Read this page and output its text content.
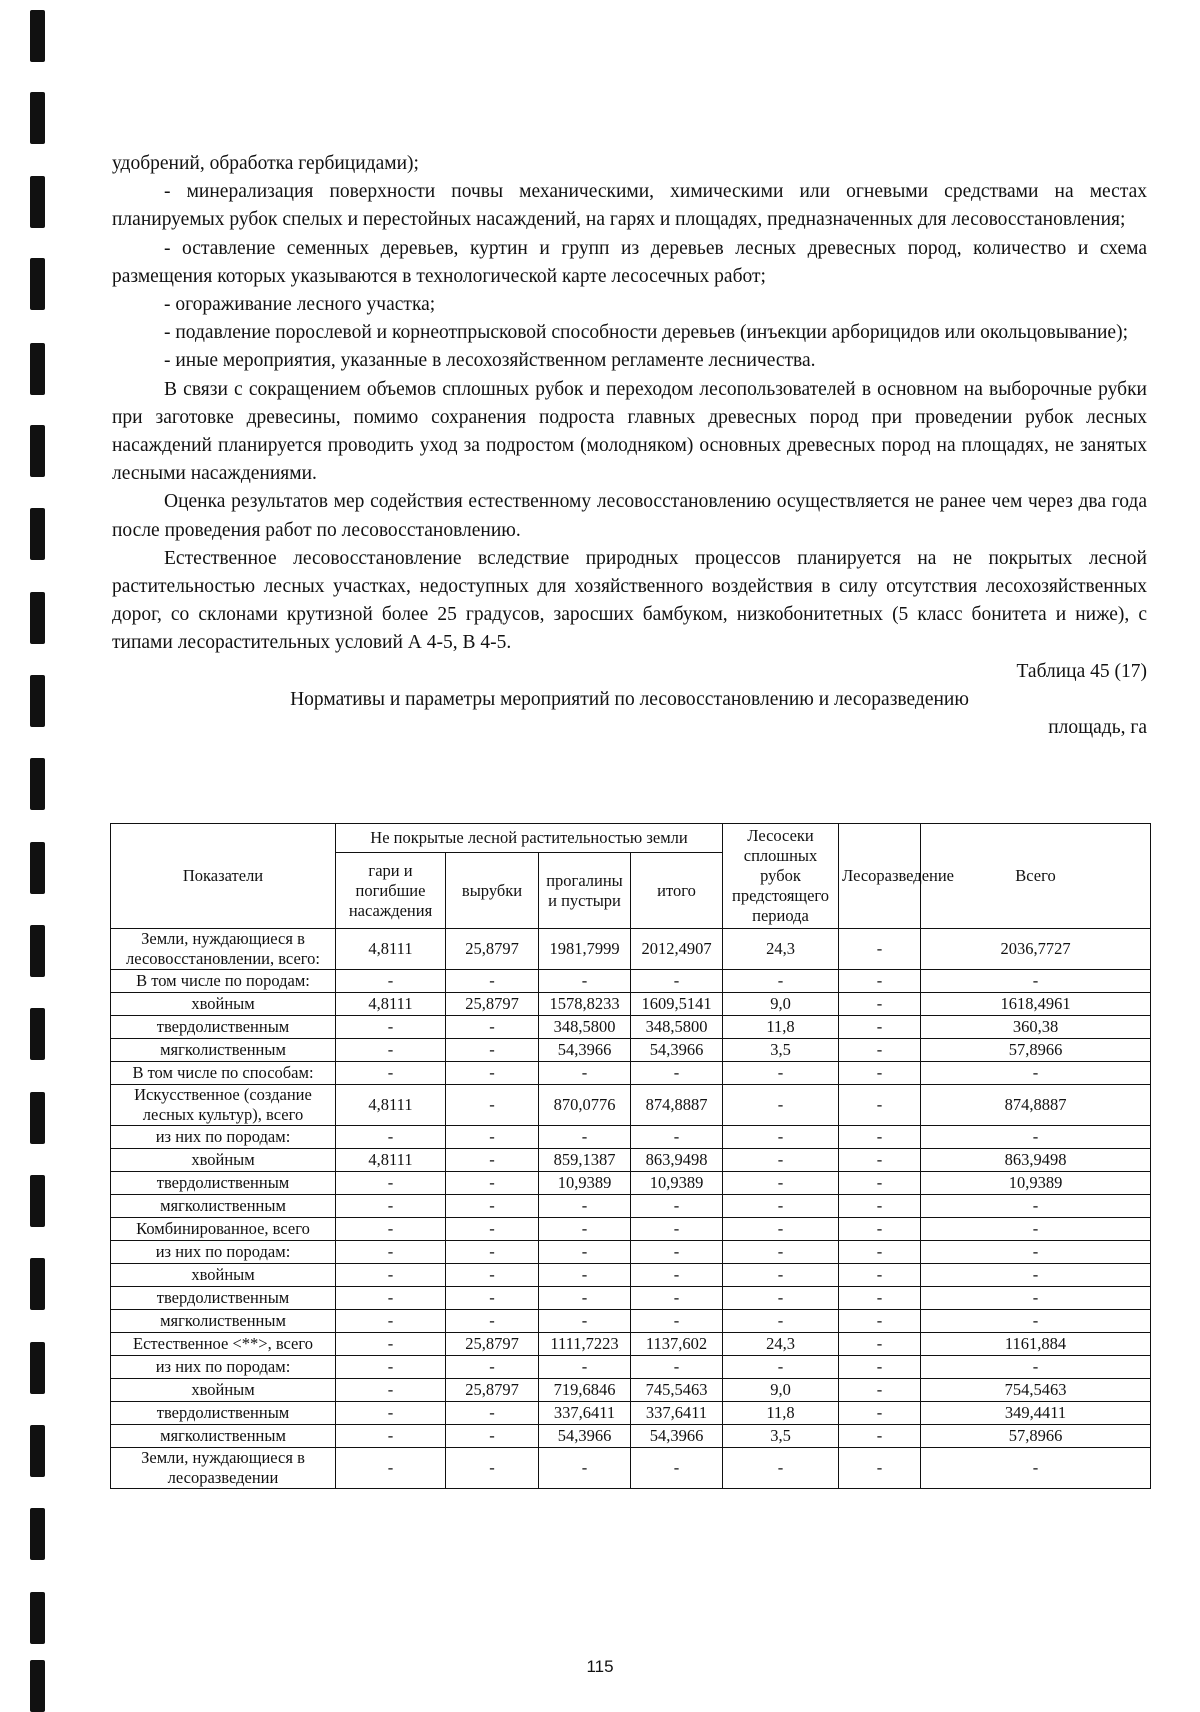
удобрений, обработка гербицидами);

- минерализация поверхности почвы механическими, химическими или огневыми средствами на местах планируемых рубок спелых и перестойных насаждений, на гарях и площадях, предназначенных для лесовосстановления;

- оставление семенных деревьев, куртин и групп из деревьев лесных древесных пород, количество и схема размещения которых указываются в технологической карте лесосечных работ;

- огораживание лесного участка;

- подавление порослевой и корнеотпрысковой способности деревьев (инъекции арборицидов или окольцовывание);

- иные мероприятия, указанные в лесохозяйственном регламенте лесничества.

В связи с сокращением объемов сплошных рубок и переходом лесопользователей в основном на выборочные рубки при заготовке древесины, помимо сохранения подроста главных древесных пород при проведении рубок лесных насаждений планируется проводить уход за подростом (молодняком) основных древесных пород на площадях, не занятых лесными насаждениями.

Оценка результатов мер содействия естественному лесовосстановлению осуществляется не ранее чем через два года после проведения работ по лесовосстановлению.

Естественное лесовосстановление вследствие природных процессов планируется на не покрытых лесной растительностью лесных участках, недоступных для хозяйственного воздействия в силу отсутствия лесохозяйственных дорог, со склонами крутизной более 25 градусов, заросших бамбуком, низкобонитетных (5 класс бонитета и ниже), с типами лесорастительных условий А 4-5, В 4-5.

Таблица 45 (17)

Нормативы и параметры мероприятий по лесовосстановлению и лесоразведению

площадь, га

Показатели	Не покрытые лесной растительностью земли				Лесосеки сплошных рубок предстоящего периода	Лесоразведение	Всего
	гари и погибшие насаждения	вырубки	прогалины и пустыри	итого			
Земли, нуждающиеся в лесовосстановлении, всего:	4,8111	25,8797	1981,7999	2012,4907	24,3	-	2036,7727
В том числе по породам:	-	-	-	-	-	-	-
хвойным	4,8111	25,8797	1578,8233	1609,5141	9,0	-	1618,4961
твердолиственным	-	-	348,5800	348,5800	11,8	-	360,38
мягколиственным	-	-	54,3966	54,3966	3,5	-	57,8966
В том числе по способам:	-	-	-	-	-	-	-
Искусственное (создание лесных культур), всего	4,8111	-	870,0776	874,8887	-	-	874,8887
из них по породам:	-	-	-	-	-	-	-
хвойным	4,8111	-	859,1387	863,9498	-	-	863,9498
твердолиственным	-	-	10,9389	10,9389	-	-	10,9389
мягколиственным	-	-	-	-	-	-	-
Комбинированное, всего	-	-	-	-	-	-	-
из них по породам:	-	-	-	-	-	-	-
хвойным	-	-	-	-	-	-	-
твердолиственным	-	-	-	-	-	-	-
мягколиственным	-	-	-	-	-	-	-
Естественное <**>, всего	-	25,8797	1111,7223	1137,602	24,3	-	1161,884
из них по породам:	-	-	-	-	-	-	-
хвойным	-	25,8797	719,6846	745,5463	9,0	-	754,5463
твердолиственным	-	-	337,6411	337,6411	11,8	-	349,4411
мягколиственным	-	-	54,3966	54,3966	3,5	-	57,8966
Земли, нуждающиеся в лесоразведении	-	-	-	-	-	-	-
115
